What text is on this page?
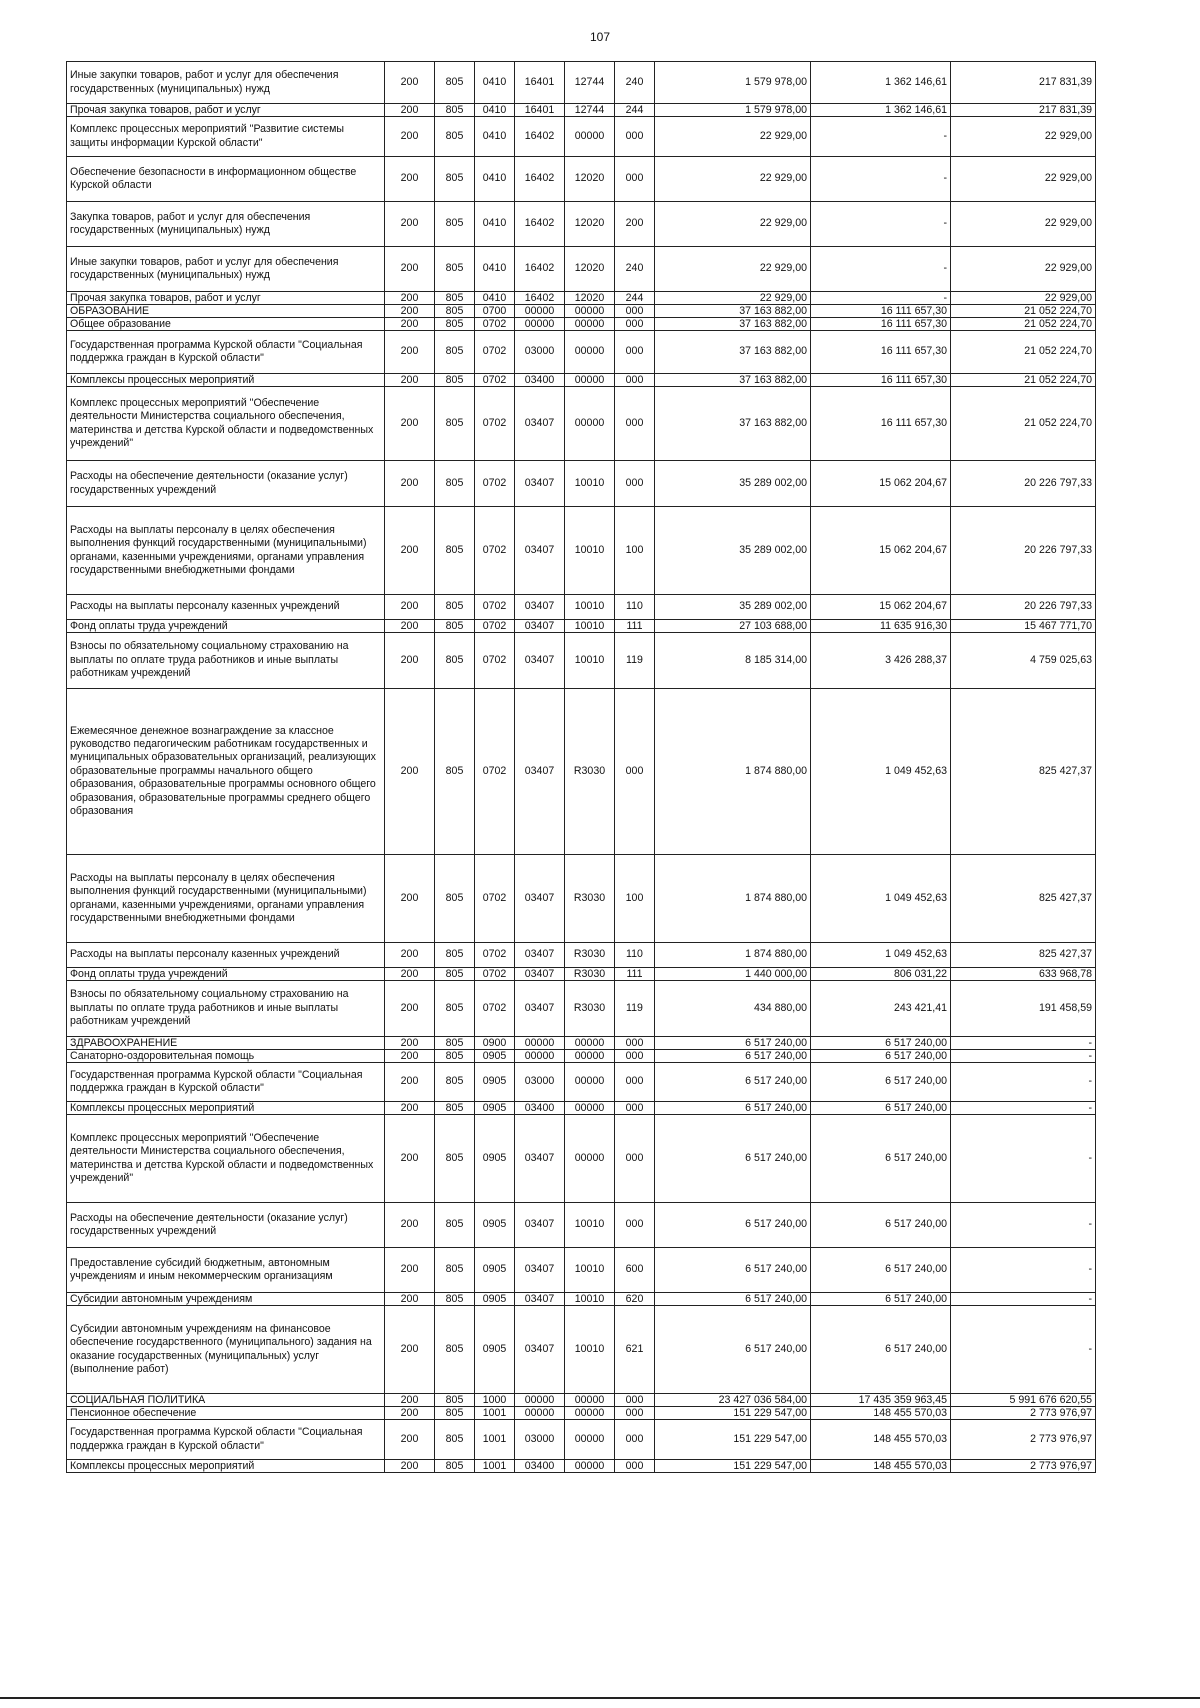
107
Иные закупки товаров, работ и услуг для обеспечения государственных (муниципальных) нужд	200	805	0410	16401	12744	240	1 579 978,00	1 362 146,61	217 831,39
Прочая закупка товаров, работ и услуг	200	805	0410	16401	12744	244	1 579 978,00	1 362 146,61	217 831,39
Комплекс процессных мероприятий "Развитие системы защиты информации Курской области"	200	805	0410	16402	00000	000	22 929,00	-	22 929,00
Обеспечение безопасности в информационном обществе Курской области	200	805	0410	16402	12020	000	22 929,00	-	22 929,00
Закупка товаров, работ и услуг для обеспечения государственных (муниципальных) нужд	200	805	0410	16402	12020	200	22 929,00	-	22 929,00
Иные закупки товаров, работ и услуг для обеспечения государственных (муниципальных) нужд	200	805	0410	16402	12020	240	22 929,00	-	22 929,00
Прочая закупка товаров, работ и услуг	200	805	0410	16402	12020	244	22 929,00	-	22 929,00
ОБРАЗОВАНИЕ	200	805	0700	00000	00000	000	37 163 882,00	16 111 657,30	21 052 224,70
Общее образование	200	805	0702	00000	00000	000	37 163 882,00	16 111 657,30	21 052 224,70
Государственная программа Курской области "Социальная поддержка граждан в Курской области"	200	805	0702	03000	00000	000	37 163 882,00	16 111 657,30	21 052 224,70
Комплексы процессных мероприятий	200	805	0702	03400	00000	000	37 163 882,00	16 111 657,30	21 052 224,70
Комплекс процессных мероприятий "Обеспечение деятельности Министерства социального обеспечения, материнства и детства Курской области и подведомственных учреждений"	200	805	0702	03407	00000	000	37 163 882,00	16 111 657,30	21 052 224,70
Расходы на обеспечение деятельности (оказание услуг) государственных учреждений	200	805	0702	03407	10010	000	35 289 002,00	15 062 204,67	20 226 797,33
Расходы на выплаты персоналу в целях обеспечения выполнения функций государственными (муниципальными) органами, казенными учреждениями, органами управления государственными внебюджетными фондами	200	805	0702	03407	10010	100	35 289 002,00	15 062 204,67	20 226 797,33
Расходы на выплаты персоналу казенных учреждений	200	805	0702	03407	10010	110	35 289 002,00	15 062 204,67	20 226 797,33
Фонд оплаты труда учреждений	200	805	0702	03407	10010	111	27 103 688,00	11 635 916,30	15 467 771,70
Взносы по обязательному социальному страхованию на выплаты по оплате труда работников и иные выплаты работникам учреждений	200	805	0702	03407	10010	119	8 185 314,00	3 426 288,37	4 759 025,63
Ежемесячное денежное вознаграждение за классное руководство педагогическим работникам государственных и муниципальных образовательных организаций, реализующих образовательные программы начального общего образования, образовательные программы основного общего образования, образовательные программы среднего общего образования	200	805	0702	03407	R3030	000	1 874 880,00	1 049 452,63	825 427,37
Расходы на выплаты персоналу в целях обеспечения выполнения функций государственными (муниципальными) органами, казенными учреждениями, органами управления государственными внебюджетными фондами	200	805	0702	03407	R3030	100	1 874 880,00	1 049 452,63	825 427,37
Расходы на выплаты персоналу казенных учреждений	200	805	0702	03407	R3030	110	1 874 880,00	1 049 452,63	825 427,37
Фонд оплаты труда учреждений	200	805	0702	03407	R3030	111	1 440 000,00	806 031,22	633 968,78
Взносы по обязательному социальному страхованию на выплаты по оплате труда работников и иные выплаты работникам учреждений	200	805	0702	03407	R3030	119	434 880,00	243 421,41	191 458,59
ЗДРАВООХРАНЕНИЕ	200	805	0900	00000	00000	000	6 517 240,00	6 517 240,00	-
Санаторно-оздоровительная помощь	200	805	0905	00000	00000	000	6 517 240,00	6 517 240,00	-
Государственная программа Курской области "Социальная поддержка граждан в Курской области"	200	805	0905	03000	00000	000	6 517 240,00	6 517 240,00	-
Комплексы процессных мероприятий	200	805	0905	03400	00000	000	6 517 240,00	6 517 240,00	-
Комплекс процессных мероприятий "Обеспечение деятельности Министерства социального обеспечения, материнства и детства Курской области и подведомственных учреждений"	200	805	0905	03407	00000	000	6 517 240,00	6 517 240,00	-
Расходы на обеспечение деятельности (оказание услуг) государственных учреждений	200	805	0905	03407	10010	000	6 517 240,00	6 517 240,00	-
Предоставление субсидий бюджетным, автономным учреждениям и иным некоммерческим организациям	200	805	0905	03407	10010	600	6 517 240,00	6 517 240,00	-
Субсидии автономным учреждениям	200	805	0905	03407	10010	620	6 517 240,00	6 517 240,00	-
Субсидии автономным учреждениям на финансовое обеспечение государственного (муниципального) задания на оказание государственных (муниципальных) услуг (выполнение работ)	200	805	0905	03407	10010	621	6 517 240,00	6 517 240,00	-
СОЦИАЛЬНАЯ ПОЛИТИКА	200	805	1000	00000	00000	000	23 427 036 584,00	17 435 359 963,45	5 991 676 620,55
Пенсионное обеспечение	200	805	1001	00000	00000	000	151 229 547,00	148 455 570,03	2 773 976,97
Государственная программа Курской области "Социальная поддержка граждан в Курской области"	200	805	1001	03000	00000	000	151 229 547,00	148 455 570,03	2 773 976,97
Комплексы процессных мероприятий	200	805	1001	03400	00000	000	151 229 547,00	148 455 570,03	2 773 976,97
